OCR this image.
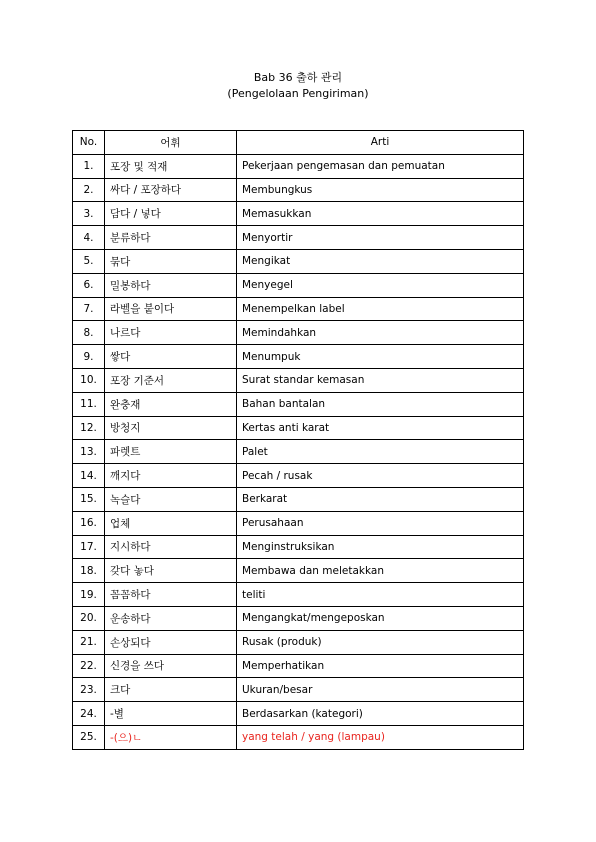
Bab 36 출하 관리
(Pengelolaan Pengiriman)
No.	어휘	Arti
1.	포장 및 적재	Pekerjaan pengemasan dan pemuatan
2.	싸다 / 포장하다	Membungkus
3.	담다 / 넣다	Memasukkan
4.	분류하다	Menyortir
5.	묶다	Mengikat
6.	밀봉하다	Menyegel
7.	라벨을 붙이다	Menempelkan label
8.	나르다	Memindahkan
9.	쌓다	Menumpuk
10.	포장 기준서	Surat standar kemasan
11.	완충재	Bahan bantalan
12.	방청지	Kertas anti karat
13.	파렛트	Palet
14.	깨지다	Pecah / rusak
15.	녹슬다	Berkarat
16.	업체	Perusahaan
17.	지시하다	Menginstruksikan
18.	갖다 놓다	Membawa dan meletakkan
19.	꼼꼼하다	teliti
20.	운송하다	Mengangkat/mengeposkan
21.	손상되다	Rusak (produk)
22.	신경을 쓰다	Memperhatikan
23.	크다	Ukuran/besar
24.	-별	Berdasarkan (kategori)
25.	-(으)ㄴ	yang telah / yang (lampau)
